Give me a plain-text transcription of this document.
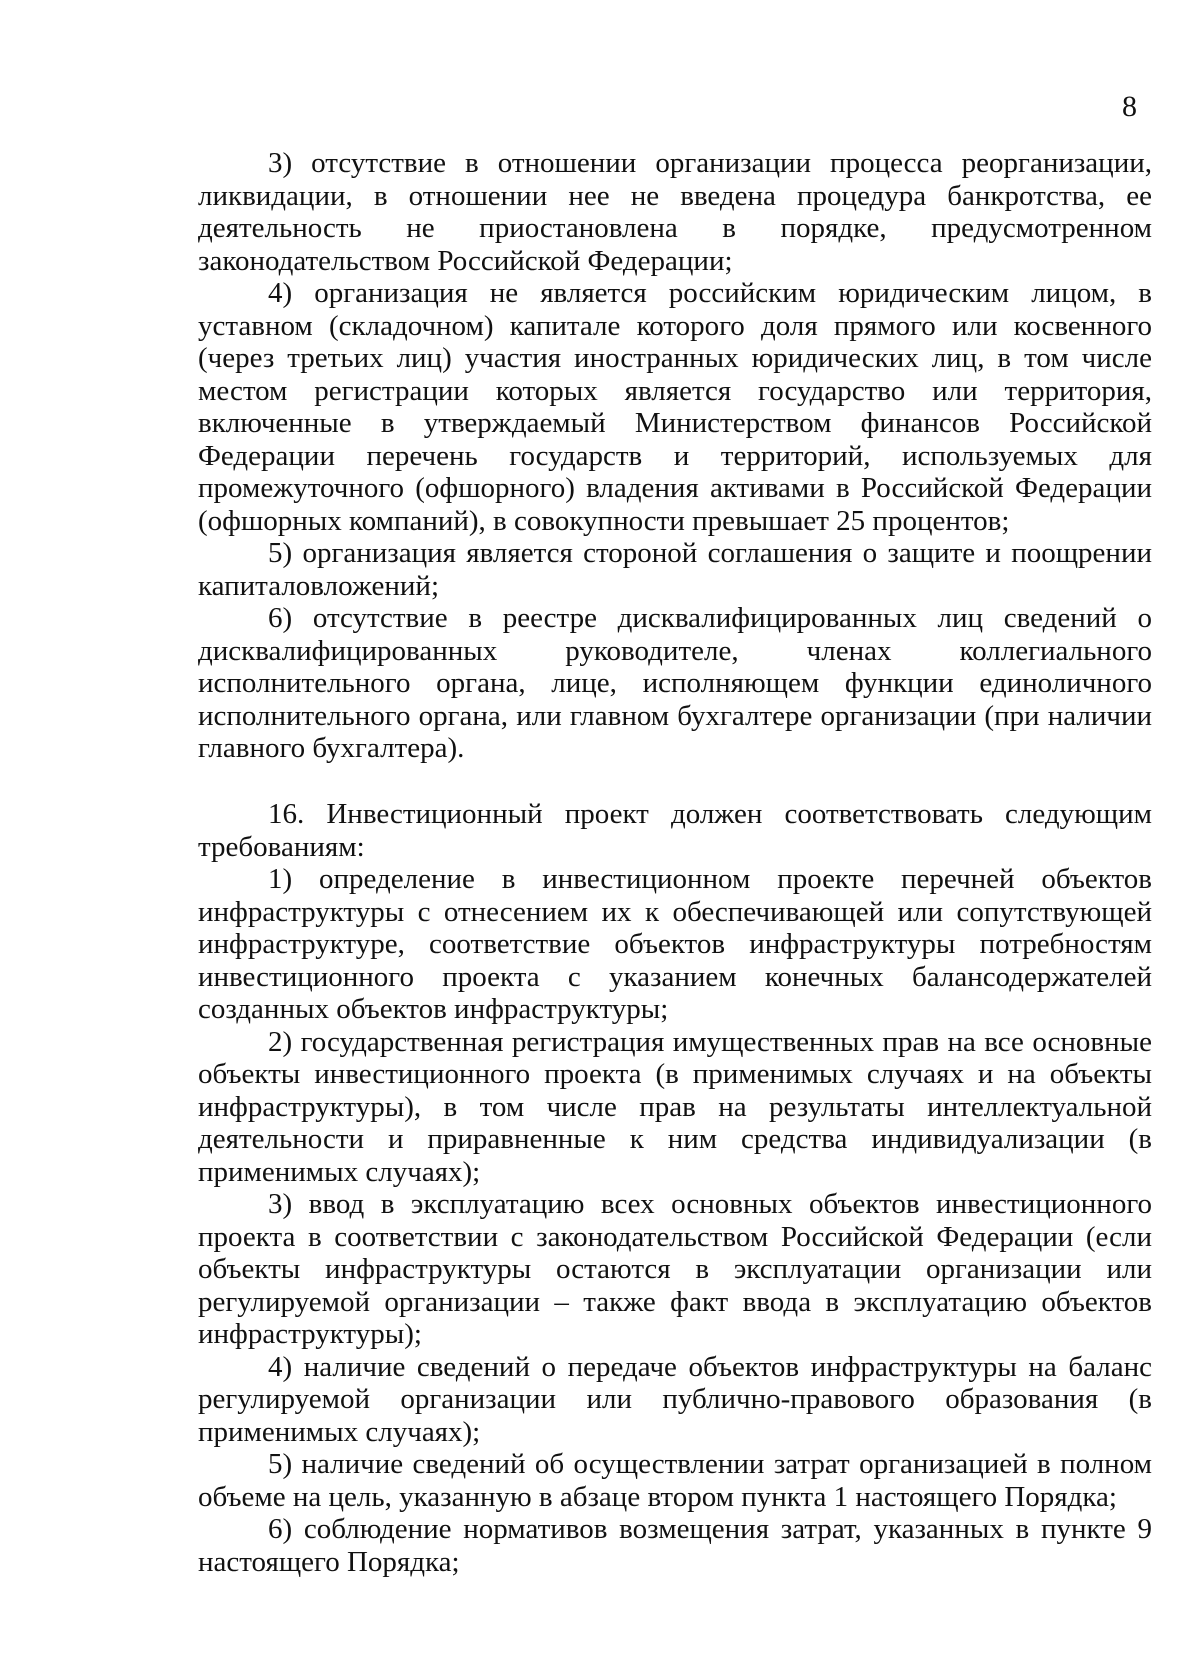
8

3) отсутствие в отношении организации процесса реорганизации, ликвидации, в отношении нее не введена процедура банкротства, ее деятельность не приостановлена в порядке, предусмотренном законодательством Российской Федерации;

4) организация не является российским юридическим лицом, в уставном (складочном) капитале которого доля прямого или косвенного (через третьих лиц) участия иностранных юридических лиц, в том числе местом регистрации которых является государство или территория, включенные в утверждаемый Министерством финансов Российской Федерации перечень государств и территорий, используемых для промежуточного (офшорного) владения активами в Российской Федерации (офшорных компаний), в совокупности превышает 25 процентов;

5) организация является стороной соглашения о защите и поощрении капиталовложений;

6) отсутствие в реестре дисквалифицированных лиц сведений о дисквалифицированных руководителе, членах коллегиального исполнительного органа, лице, исполняющем функции единоличного исполнительного органа, или главном бухгалтере организации (при наличии главного бухгалтера).

16. Инвестиционный проект должен соответствовать следующим требованиям:

1) определение в инвестиционном проекте перечней объектов инфраструктуры с отнесением их к обеспечивающей или сопутствующей инфраструктуре, соответствие объектов инфраструктуры потребностям инвестиционного проекта с указанием конечных балансодержателей созданных объектов инфраструктуры;

2) государственная регистрация имущественных прав на все основные объекты инвестиционного проекта (в применимых случаях и на объекты инфраструктуры), в том числе прав на результаты интеллектуальной деятельности и приравненные к ним средства индивидуализации (в применимых случаях);

3) ввод в эксплуатацию всех основных объектов инвестиционного проекта в соответствии с законодательством Российской Федерации (если объекты инфраструктуры остаются в эксплуатации организации или регулируемой организации – также факт ввода в эксплуатацию объектов инфраструктуры);

4) наличие сведений о передаче объектов инфраструктуры на баланс регулируемой организации или публично-правового образования (в применимых случаях);

5) наличие сведений об осуществлении затрат организацией в полном объеме на цель, указанную в абзаце втором пункта 1 настоящего Порядка;

6) соблюдение нормативов возмещения затрат, указанных в пункте 9 настоящего Порядка;
